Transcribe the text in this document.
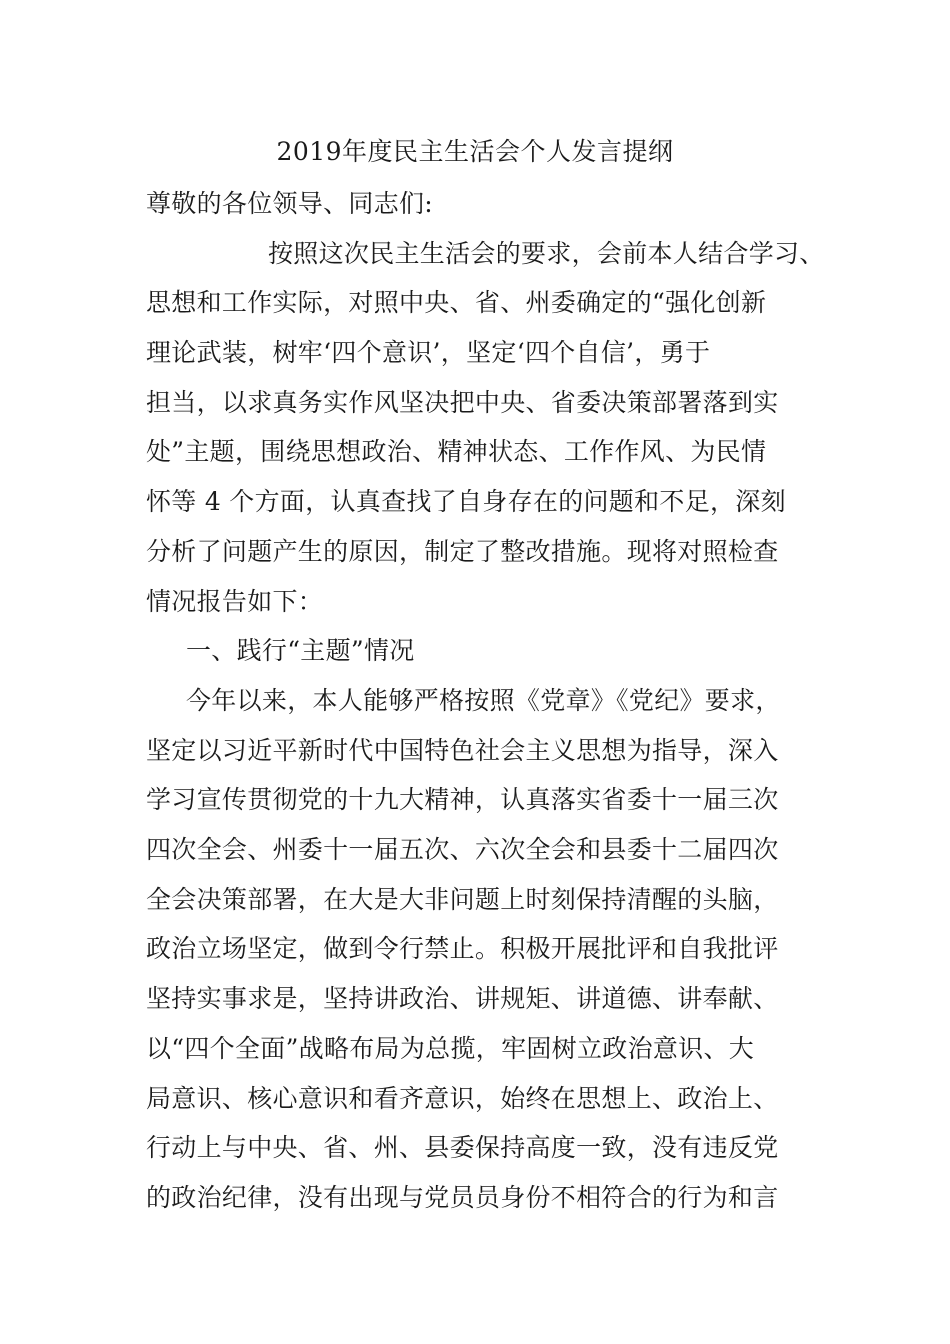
2019年度民主生活会个人发言提纲
尊敬的各位领导、同志们:
按照这次民主生活会的要求，会前本人结合学习、
思想和工作实际，对照中央、省、州委确定的“强化创新
理论武装，树牢‘四个意识’，坚定‘四个自信’，勇于
担当，以求真务实作风坚决把中央、省委决策部署落到实
处”主题，围绕思想政治、精神状态、工作作风、为民情
怀等 4 个方面，认真查找了自身存在的问题和不足，深刻
分析了问题产生的原因，制定了整改措施。现将对照检查
情况报告如下：
一、践行“主题”情况
今年以来，本人能够严格按照《党章》《党纪》要求，
坚定以习近平新时代中国特色社会主义思想为指导，深入
学习宣传贯彻党的十九大精神，认真落实省委十一届三次
四次全会、州委十一届五次、六次全会和县委十二届四次
全会决策部署，在大是大非问题上时刻保持清醒的头脑，
政治立场坚定，做到令行禁止。积极开展批评和自我批评
坚持实事求是，坚持讲政治、讲规矩、讲道德、讲奉献、
以“四个全面”战略布局为总揽，牢固树立政治意识、大
局意识、核心意识和看齐意识，始终在思想上、政治上、
行动上与中央、省、州、县委保持高度一致，没有违反党
的政治纪律，没有出现与党员员身份不相符合的行为和言
